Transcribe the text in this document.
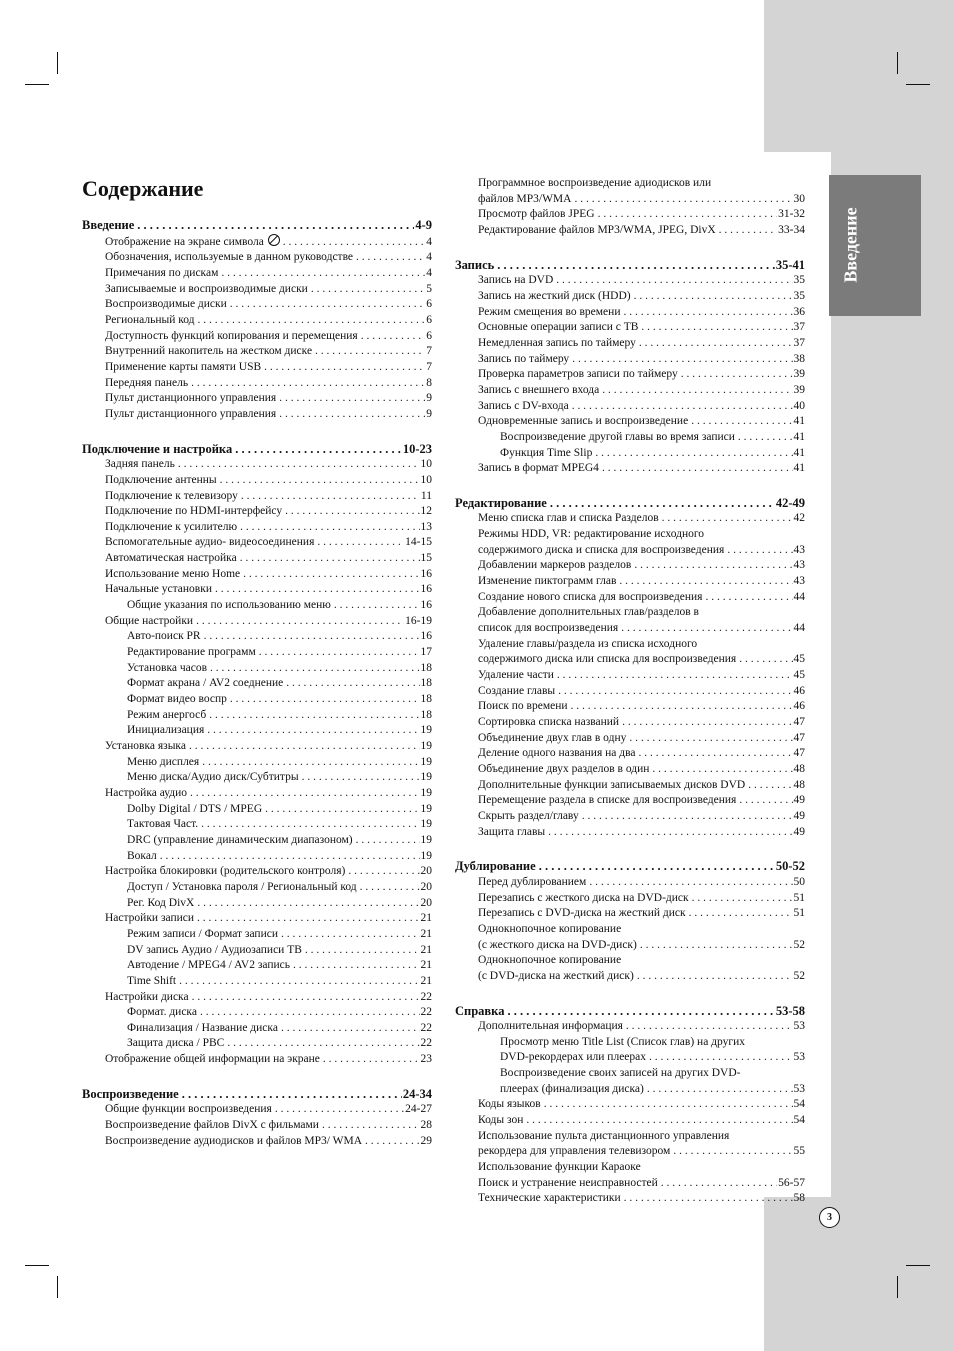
Введение
Содержание
Введение . . .	4-9
Отображение на экране символа . . .	4
Обозначения, используемые в данном руководстве . . .	4
Примечания по дискам . . .	4
Записываемые и воспроизводимые диски . . .	5
Воспроизводимые диски . . .	6
Региональный код . . .	6
Доступность функций копирования и перемещения . . .	6
Внутренний накопитель на жестком диске . . .	7
Применение карты памяти USB . . .	7
Передняя панель . . .	8
Пульт дистанционного управления . . .	9
Пульт дистанционного управления . . .	9
Подключение и настройка . . .	10-23
Задняя панель . . .	10
Подключение антенны . . .	10
Подключение к телевизору . . .	11
Подключение по HDMI-интерфейсу . . .	12
Подключение к усилителю . . .	13
Вспомогательные аудио- видеосоединения . . .	14-15
Автоматическая настройка . . .	15
Использование меню Home . . .	16
Начальные установки . . .	16
Общие указания по использованию меню . . .	16
Общие настройки . . .	16-19
Авто-поиск PR . . .	16
Редактирование программ . . .	17
Установка часов . . .	18
Формат акрана / AV2 соеднение . . .	18
Формат видео воспр . . .	18
Режим анергосб . . .	18
Инициализация . . .	19
Установка языка . . .	19
Меню дисплея . . .	19
Меню диска/Аудио диск/Субтитры . . .	19
Настройка аудио . . .	19
Dolby Digital / DTS / MPEG . . .	19
Тактовая Част. . . .	19
DRC (управление динамическим диапазоном) . . .	19
Вокал . . .	19
Настройка блокировки (родительского контроля) . . .	20
Доступ / Установка пароля / Региональный код . . .	20
Рег. Код DivX . . .	20
Настройки записи . . .	21
Режим записи / Формат записи . . .	21
DV запись Аудио / Аудиозаписи ТВ . . .	21
Автодение / MPEG4 / AV2 запись . . .	21
Time Shift . . .	21
Настройки диска . . .	22
Формат. диска . . .	22
Финализация / Название диска . . .	22
Защита диска / PBC . . .	22
Отображение общей информации на экране . . .	23
Воспроизведение . . .	24-34
Общие функции воспроизведения . . .	24-27
Воспроизведение файлов DivX с фильмами . . .	28
Воспроизведение аудиодисков и файлов MP3/ WMA . . .	29
Программное воспроизведение адиодисков или
файлов MP3/WMA . . .	30
Просмотр файлов JPEG . . .	31-32
Редактирование файлов MP3/WMA, JPEG, DivX . . .	33-34
Запись . . .	35-41
Запись на DVD . . .	35
Запись на жесткий диск (HDD) . . .	35
Режим смещения во времени . . .	36
Основные операции записи с ТВ . . .	37
Немедленная запись по таймеру . . .	37
Запись по таймеру . . .	38
Проверка параметров записи по таймеру . . .	39
Запись с внешнего входа . . .	39
Запись с DV-входа . . .	40
Одновременные запись и воспроизведение . . .	41
Воспроизведение другой главы во время записи . . .	41
Функция Time Slip . . .	41
Запись в формат MPEG4 . . .	41
Редактирование . . .	42-49
Меню списка глав и списка Разделов . . .	42
Режимы HDD, VR: редактирование исходного
содержимого диска и списка для воспроизведения . . .	43
Добавлении маркеров разделов . . .	43
Изменение пиктограмм глав . . .	43
Создание нового списка для воспроизведения . . .	44
Добавление дополнительных глав/разделов в
список для воспроизведения . . .	44
Удаление главы/раздела из списка исходного
содержимого диска или списка для воспроизведения . . .	45
Удаление части . . .	45
Создание главы . . .	46
Поиск по времени . . .	46
Сортировка списка названий . . .	47
Объединение двух глав в одну . . .	47
Деление одного названия на два . . .	47
Объединение двух разделов в один . . .	48
Дополнительные функции записываемых дисков DVD . . .	48
Перемещение раздела в списке для воспроизведения . . .	49
Скрыть раздел/главу . . .	49
Защита главы . . .	49
Дублирование . . .	50-52
Перед дублированием . . .	50
Перезапись с жесткого диска на DVD-диск . . .	51
Перезапись с DVD-диска на жесткий диск . . .	51
Однокнопочное копирование
(с жесткого диска на DVD-диск) . . .	52
Однокнопочное копирование
(с DVD-диска на жесткий диск) . . .	52
Справка . . .	53-58
Дополнительная информация . . .	53
Просмотр меню Title List (Список глав) на других
DVD-рекордерах или плеерах . . .	53
Воспроизведение своих записей на других DVD-
плеерах (финализация диска) . . .	53
Коды языков . . .	54
Коды зон . . .	54
Использование пульта дистанционного управления
рекордера для управления телевизором . . .	55
Использование функции Караоке
Поиск и устранение неисправностей . . .	56-57
Технические характеристики . . .	58
3
